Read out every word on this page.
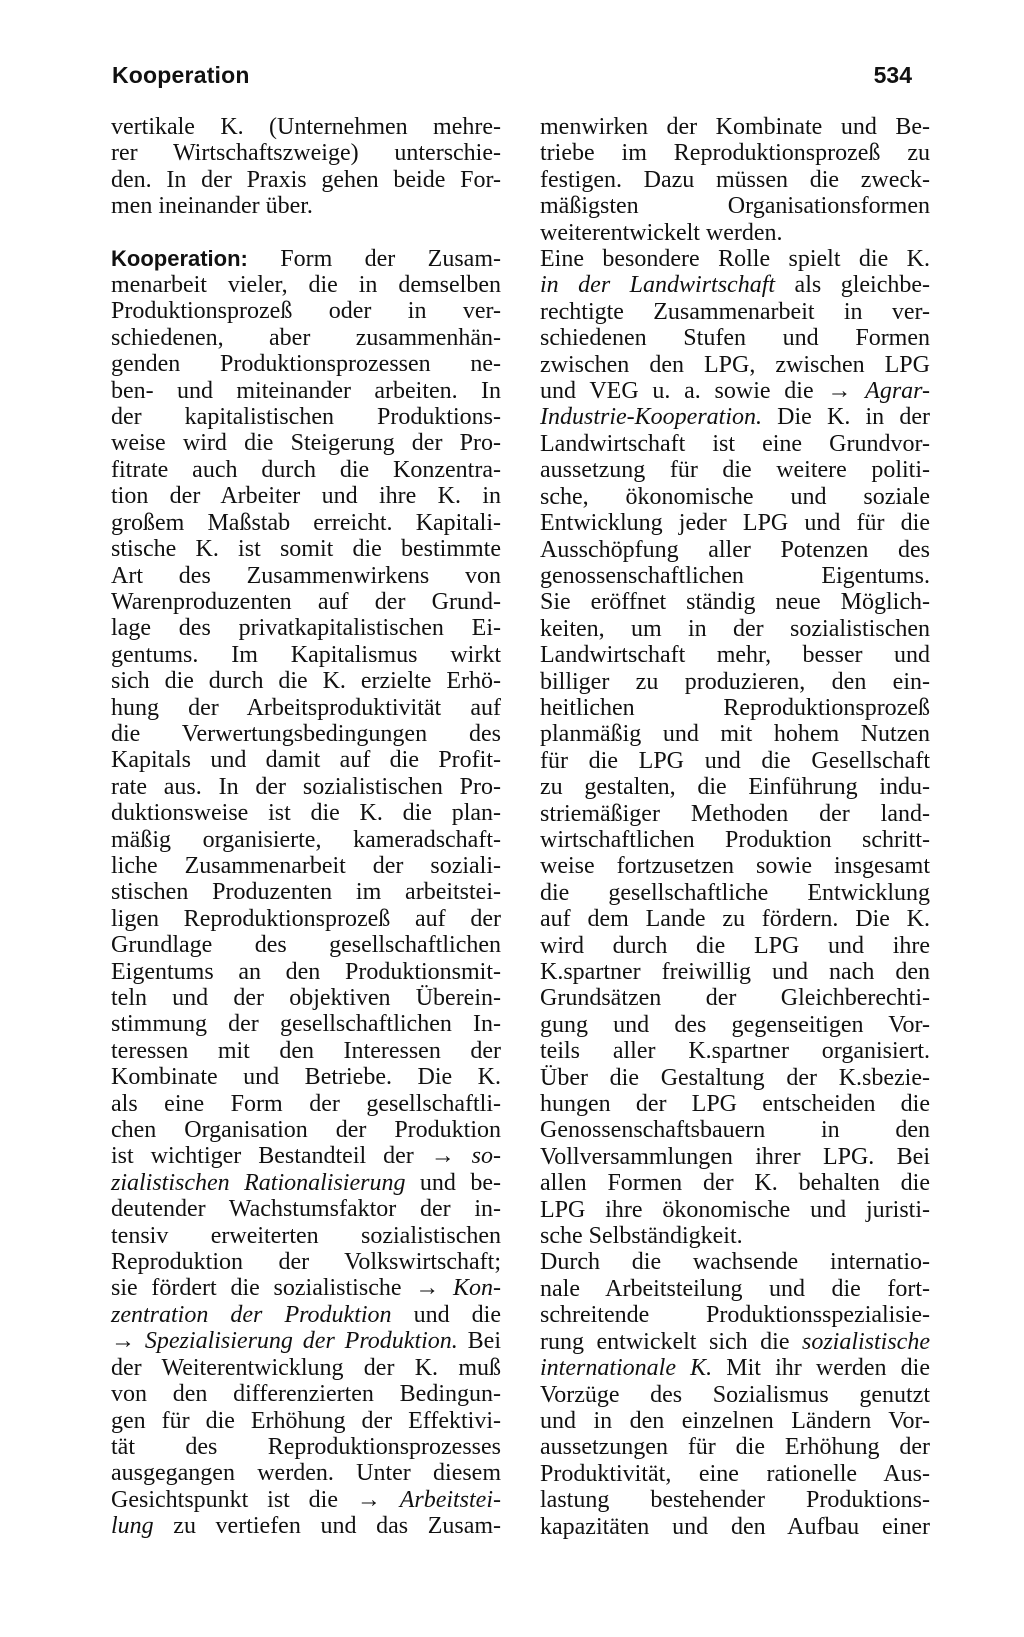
Kooperation	534
vertikale K. (Unternehmen mehre-
rer Wirtschaftszweige) unterschie-
den. In der Praxis gehen beide For-
men ineinander über.
Kooperation: Form der Zusam-
menarbeit vieler, die in demselben
Produktionsprozeß oder in ver-
schiedenen, aber zusammenhän-
genden Produktionsprozessen ne-
ben- und miteinander arbeiten. In
der kapitalistischen Produktions-
weise wird die Steigerung der Pro-
fitrate auch durch die Konzentra-
tion der Arbeiter und ihre K. in
großem Maßstab erreicht. Kapitali-
stische K. ist somit die bestimmte
Art des Zusammenwirkens von
Warenproduzenten auf der Grund-
lage des privatkapitalistischen Ei-
gentums. Im Kapitalismus wirkt
sich die durch die K. erzielte Erhö-
hung der Arbeitsproduktivität auf
die Verwertungsbedingungen des
Kapitals und damit auf die Profit-
rate aus. In der sozialistischen Pro-
duktionsweise ist die K. die plan-
mäßig organisierte, kameradschaft-
liche Zusammenarbeit der soziali-
stischen Produzenten im arbeitstei-
ligen Reproduktionsprozeß auf der
Grundlage des gesellschaftlichen
Eigentums an den Produktionsmit-
teln und der objektiven Überein-
stimmung der gesellschaftlichen In-
teressen mit den Interessen der
Kombinate und Betriebe. Die K.
als eine Form der gesellschaftli-
chen Organisation der Produktion
ist wichtiger Bestandteil der → so-
zialistischen Rationalisierung und be-
deutender Wachstumsfaktor der in-
tensiv erweiterten sozialistischen
Reproduktion der Volkswirtschaft;
sie fördert die sozialistische → Kon-
zentration der Produktion und die
→ Spezialisierung der Produktion. Bei
der Weiterentwicklung der K. muß
von den differenzierten Bedingun-
gen für die Erhöhung der Effektivi-
tät des Reproduktionsprozesses
ausgegangen werden. Unter diesem
Gesichtspunkt ist die → Arbeitstei-
lung zu vertiefen und das Zusam-
menwirken der Kombinate und Be-
triebe im Reproduktionsprozeß zu
festigen. Dazu müssen die zweck-
mäßigsten Organisationsformen
weiterentwickelt werden.
Eine besondere Rolle spielt die K.
in der Landwirtschaft als gleichbe-
rechtigte Zusammenarbeit in ver-
schiedenen Stufen und Formen
zwischen den LPG, zwischen LPG
und VEG u. a. sowie die → Agrar-
Industrie-Kooperation. Die K. in der
Landwirtschaft ist eine Grundvor-
aussetzung für die weitere politi-
sche, ökonomische und soziale
Entwicklung jeder LPG und für die
Ausschöpfung aller Potenzen des
genossenschaftlichen Eigentums.
Sie eröffnet ständig neue Möglich-
keiten, um in der sozialistischen
Landwirtschaft mehr, besser und
billiger zu produzieren, den ein-
heitlichen Reproduktionsprozeß
planmäßig und mit hohem Nutzen
für die LPG und die Gesellschaft
zu gestalten, die Einführung indu-
striemäßiger Methoden der land-
wirtschaftlichen Produktion schritt-
weise fortzusetzen sowie insgesamt
die gesellschaftliche Entwicklung
auf dem Lande zu fördern. Die K.
wird durch die LPG und ihre
K.spartner freiwillig und nach den
Grundsätzen der Gleichberechti-
gung und des gegenseitigen Vor-
teils aller K.spartner organisiert.
Über die Gestaltung der K.sbezie-
hungen der LPG entscheiden die
Genossenschaftsbauern in den
Vollversammlungen ihrer LPG. Bei
allen Formen der K. behalten die
LPG ihre ökonomische und juristi-
sche Selbständigkeit.
Durch die wachsende internatio-
nale Arbeitsteilung und die fort-
schreitende Produktionsspezialisie-
rung entwickelt sich die sozialistische
internationale K. Mit ihr werden die
Vorzüge des Sozialismus genutzt
und in den einzelnen Ländern Vor-
aussetzungen für die Erhöhung der
Produktivität, eine rationelle Aus-
lastung bestehender Produktions-
kapazitäten und den Aufbau einer
